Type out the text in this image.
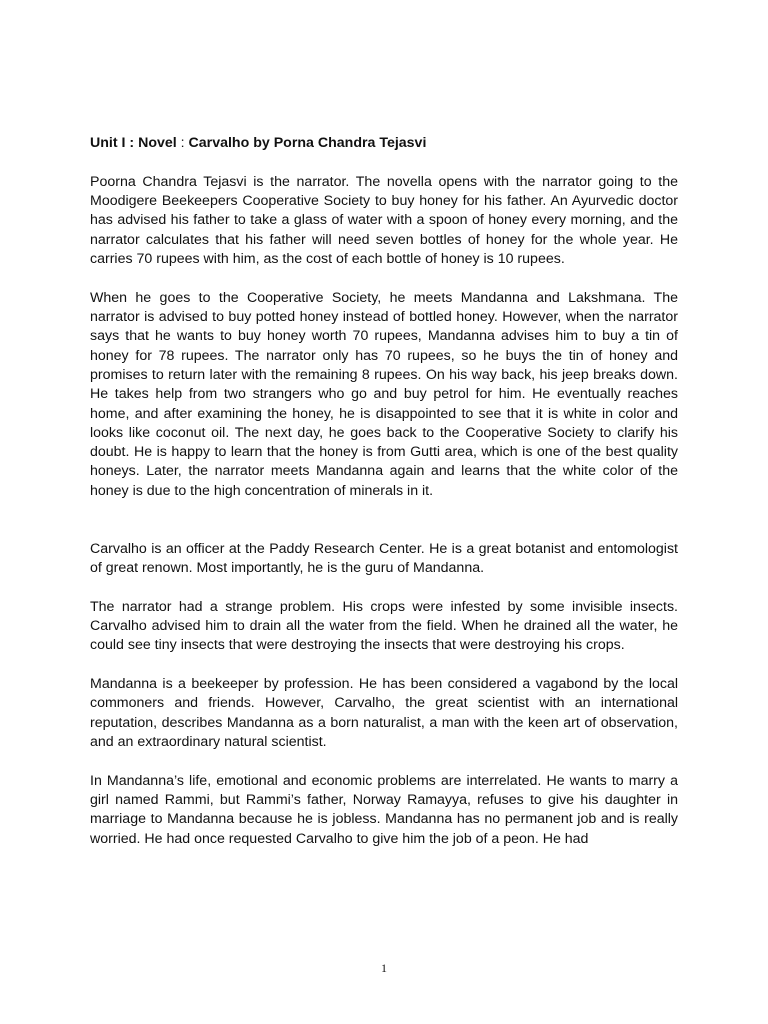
Unit I : Novel : Carvalho by Porna Chandra Tejasvi

Poorna Chandra Tejasvi is the narrator. The novella opens with the narrator going to the Moodigere Beekeepers Cooperative Society to buy honey for his father. An Ayurvedic doctor has advised his father to take a glass of water with a spoon of honey every morning, and the narrator calculates that his father will need seven bottles of honey for the whole year. He carries 70 rupees with him, as the cost of each bottle of honey is 10 rupees.

When he goes to the Cooperative Society, he meets Mandanna and Lakshmana. The narrator is advised to buy potted honey instead of bottled honey. However, when the narrator says that he wants to buy honey worth 70 rupees, Mandanna advises him to buy a tin of honey for 78 rupees. The narrator only has 70 rupees, so he buys the tin of honey and promises to return later with the remaining 8 rupees. On his way back, his jeep breaks down. He takes help from two strangers who go and buy petrol for him. He eventually reaches home, and after examining the honey, he is disappointed to see that it is white in color and looks like coconut oil. The next day, he goes back to the Cooperative Society to clarify his doubt. He is happy to learn that the honey is from Gutti area, which is one of the best quality honeys. Later, the narrator meets Mandanna again and learns that the white color of the honey is due to the high concentration of minerals in it.

Carvalho is an officer at the Paddy Research Center. He is a great botanist and entomologist of great renown. Most importantly, he is the guru of Mandanna.

The narrator had a strange problem. His crops were infested by some invisible insects. Carvalho advised him to drain all the water from the field. When he drained all the water, he could see tiny insects that were destroying the insects that were destroying his crops.

Mandanna is a beekeeper by profession. He has been considered a vagabond by the local commoners and friends. However, Carvalho, the great scientist with an international reputation, describes Mandanna as a born naturalist, a man with the keen art of observation, and an extraordinary natural scientist.

In Mandanna’s life, emotional and economic problems are interrelated. He wants to marry a girl named Rammi, but Rammi’s father, Norway Ramayya, refuses to give his daughter in marriage to Mandanna because he is jobless. Mandanna has no permanent job and is really worried. He had once requested Carvalho to give him the job of a peon. He had

1
